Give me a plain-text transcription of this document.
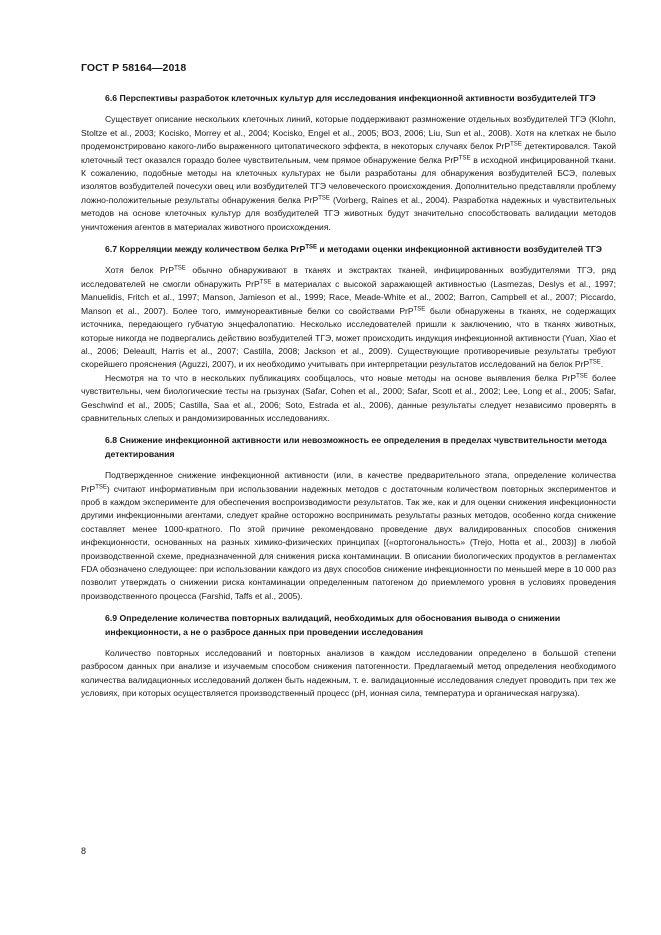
ГОСТ Р 58164—2018
6.6 Перспективы разработок клеточных культур для исследования инфекционной активности возбудителей ТГЭ

Существует описание нескольких клеточных линий, которые поддерживают размножение отдельных возбудителей ТГЭ (Klohn, Stoltze et al., 2003; Kocisko, Morrey et al., 2004; Kocisko, Engel et al., 2005; ВОЗ, 2006; Liu, Sun et al., 2008). Хотя на клетках не было продемонстрировано какого-либо выраженного цитопатического эффекта, в некоторых случаях белок PrP$^{TSE}$ детектировался. Такой клеточный тест оказался гораздо более чувствительным, чем прямое обнаружение белка PrP$^{TSE}$ в исходной инфицированной ткани. К сожалению, подобные методы на клеточных культурах не были разработаны для обнаружения возбудителей БСЭ, полевых изолятов возбудителей почесухи овец или возбудителей ТГЭ человеческого происхождения. Дополнительно представляли проблему ложно-положительные результаты обнаружения белка PrP$^{TSE}$ (Vorberg, Raines et al., 2004). Разработка надежных и чувствительных методов на основе клеточных культур для возбудителей ТГЭ животных будут значительно способствовать валидации методов уничтожения агентов в материалах животного происхождения.

6.7 Корреляции между количеством белка PrP$^{TSE}$ и методами оценки инфекционной активности возбудителей ТГЭ

Хотя белок PrP$^{TSE}$ обычно обнаруживают в тканях и экстрактах тканей, инфицированных возбудителями ТГЭ, ряд исследователей не смогли обнаружить PrP$^{TSE}$ в материалах с высокой заражающей активностью (Lasmezas, Deslys et al., 1997; Manuelidis, Fritch et al., 1997; Manson, Jamieson et al., 1999; Race, Meade-White et al., 2002; Barron, Campbell et al., 2007; Piccardo, Manson et al., 2007). Более того, иммунореактивные белки со свойствами PrP$^{TSE}$ были обнаружены в тканях, не содержащих источника, передающего губчатую энцефалопатию. Несколько исследователей пришли к заключению, что в тканях животных, которые никогда не подвергались действию возбудителей ТГЭ, может происходить индукция инфекционной активности (Yuan, Xiao et al., 2006; Deleault, Harris et al., 2007; Castilla, 2008; Jackson et al., 2009). Существующие противоречивые результаты требуют скорейшего прояснения (Aguzzi, 2007), и их необходимо учитывать при интерпретации результатов исследований на белок PrP$^{TSE}$.

Несмотря на то что в нескольких публикациях сообщалось, что новые методы на основе выявления белка PrP$^{TSE}$ более чувствительны, чем биологические тесты на грызунах (Safar, Cohen et al., 2000; Safar, Scott et al., 2002; Lee, Long et al., 2005; Safar, Geschwind et al., 2005; Castilla, Saa et al., 2006; Soto, Estrada et al., 2006), данные результаты следует независимо проверять в сравнительных слепых и рандомизированных исследованиях.

6.8 Снижение инфекционной активности или невозможность ее определения в пределах чувствительности метода детектирования

Подтвержденное снижение инфекционной активности (или, в качестве предварительного этапа, определение количества PrP$^{TSE}$) считают информативным при использовании надежных методов с достаточным количеством повторных экспериментов и проб в каждом эксперименте для обеспечения воспроизводимости результатов. Так же, как и для оценки снижения инфекционности другими инфекционными агентами, следует крайне осторожно воспринимать результаты разных методов, особенно когда снижение составляет менее 1000-кратного. По этой причине рекомендовано проведение двух валидированных способов снижения инфекционности, основанных на разных химико-физических принципах [(«ортогональность» (Trejo, Hotta et al., 2003)] в любой производственной схеме, предназначенной для снижения риска контаминации. В описании биологических продуктов в регламентах FDA обозначено следующее: при использовании каждого из двух способов снижение инфекционности по меньшей мере в 10 000 раз позволит утверждать о снижении риска контаминации определенным патогеном до приемлемого уровня в условиях проведения производственного процесса (Farshid, Taffs et al., 2005).

6.9 Определение количества повторных валидаций, необходимых для обоснования вывода о снижении инфекционности, а не о разбросе данных при проведении исследования

Количество повторных исследований и повторных анализов в каждом исследовании определено в большой степени разбросом данных при анализе и изучаемым способом снижения патогенности. Предлагаемый метод определения необходимого количества валидационных исследований должен быть надежным, т. е. валидационные исследования следует проводить при тех же условиях, при которых осуществляется производственный процесс (pH, ионная сила, температура и органическая нагрузка).

8
